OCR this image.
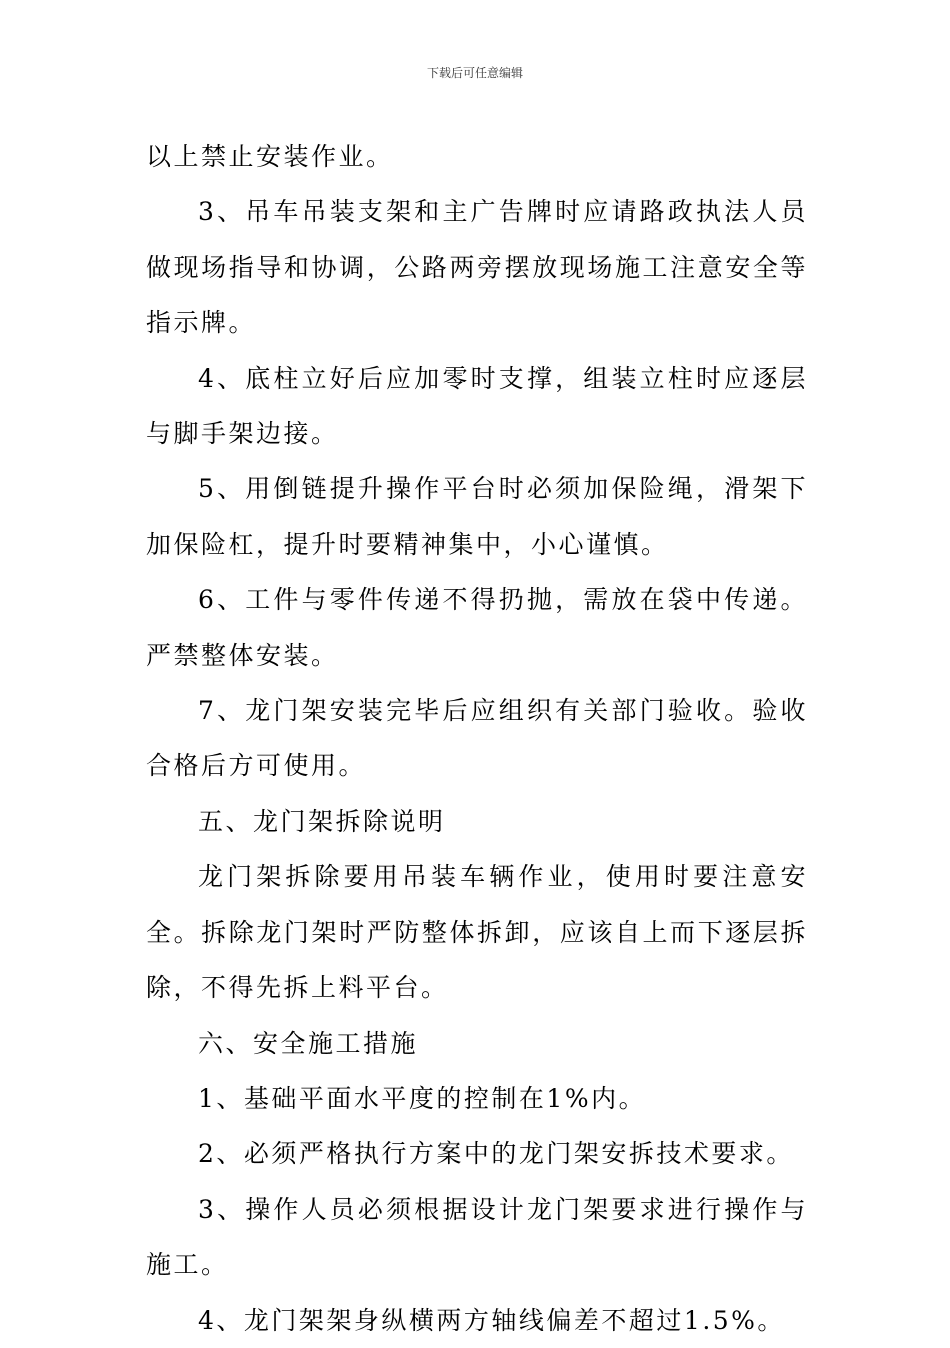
下载后可任意编辑

以上禁止安装作业。

3、吊车吊装支架和主广告牌时应请路政执法人员做现场指导和协调，公路两旁摆放现场施工注意安全等指示牌。

4、底柱立好后应加零时支撑，组装立柱时应逐层与脚手架边接。

5、用倒链提升操作平台时必须加保险绳，滑架下加保险杠，提升时要精神集中，小心谨慎。

6、工件与零件传递不得扔抛，需放在袋中传递。严禁整体安装。

7、龙门架安装完毕后应组织有关部门验收。验收合格后方可使用。

五、龙门架拆除说明

龙门架拆除要用吊装车辆作业，使用时要注意安全。拆除龙门架时严防整体拆卸，应该自上而下逐层拆除，不得先拆上料平台。

六、安全施工措施

1、基础平面水平度的控制在1%内。

2、必须严格执行方案中的龙门架安拆技术要求。

3、操作人员必须根据设计龙门架要求进行操作与施工。

4、龙门架架身纵横两方轴线偏差不超过1.5%。
